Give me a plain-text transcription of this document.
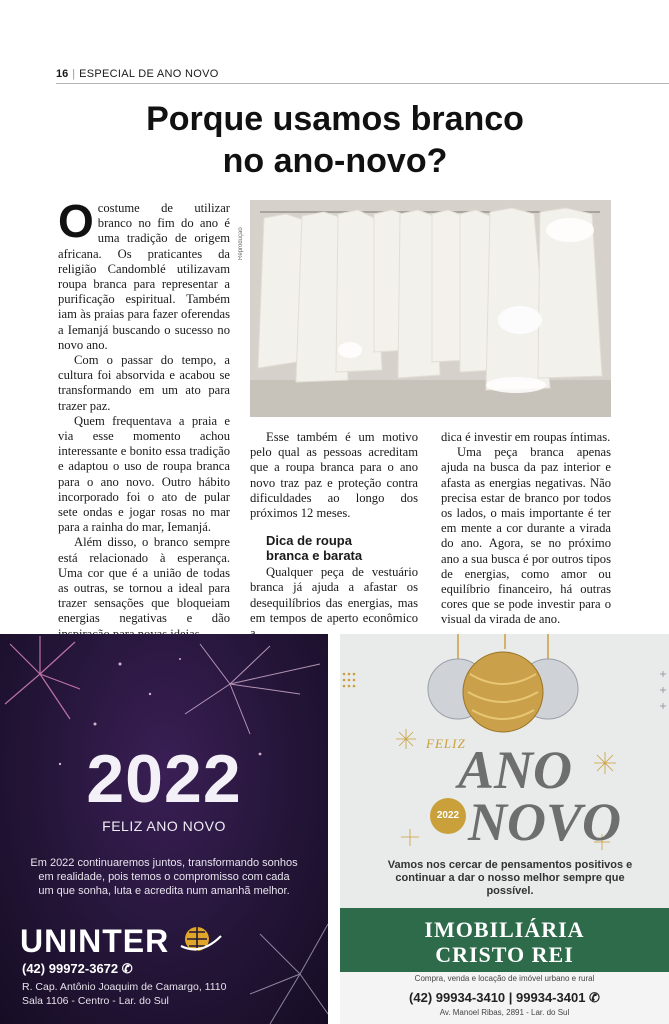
16 | ESPECIAL DE ANO NOVO
Porque usamos branco
no ano-novo?

Ocostume de utilizar branco no fim do ano é uma tradição de origem africana. Os praticantes da religião Candomblé utilizavam roupa branca para representar a purificação espiritual. Também iam às praias para fazer oferendas a Iemanjá buscando o sucesso no novo ano.

Com o passar do tempo, a cultura foi absorvida e acabou se transformando em um ato para trazer paz.

Quem frequentava a praia e via esse momento achou interessante e bonito essa tradição e adaptou o uso de roupa branca para o ano novo. Outro hábito incorporado foi o ato de pular sete ondas e jogar rosas no mar para a rainha do mar, Iemanjá.

Além disso, o branco sempre está relacionado à esperança. Uma cor que é a união de todas as outras, se tornou a ideal para trazer sensações que bloqueiam energias negativas e dão

Reprodução

Esse também é um motivo pelo qual as pessoas acreditam que a roupa branca para o ano novo traz paz e proteção contra dificuldades ao longo dos próximos 12 meses.

Dica de roupa
branca e barata

Qualquer peça de vestuário branca já ajuda a afastar os desequilíbrios das energias, mas em tempos de aperto econômico

dica é investir em roupas íntimas.

Uma peça branca apenas ajuda na busca da paz interior e afasta as energias negativas. Não precisa estar de branco por todos os lados, o mais importante é ter em mente a cor durante a virada do ano. Agora, se no próximo ano a sua busca é por outros tipos de energias, como amor ou equilíbrio financeiro, há outras cores que se pode investir para o visual da virada de ano.

2022
FELIZ ANO NOVO
Em 2022 continuaremos juntos, transformando sonhos em realidade, pois temos o compromisso com cada um que sonha, luta e acredita num amanhã melhor.
UNINTER
(42) 99972-3672 ✆
R. Cap. Antônio Joaquim de Camargo, 1110
Sala 1106 - Centro - Lar. do Sul
FELIZ
ANO
2022 NOVO
Vamos nos cercar de pensamentos positivos e continuar a dar o nosso melhor sempre que possível.
IMOBILIÁRIA
CRISTO REI
Compra, venda e locação de imóvel urbano e rural
(42) 99934-3410 | 99934-3401 ✆
Av. Manoel Ribas, 2891 - Lar. do Sul
